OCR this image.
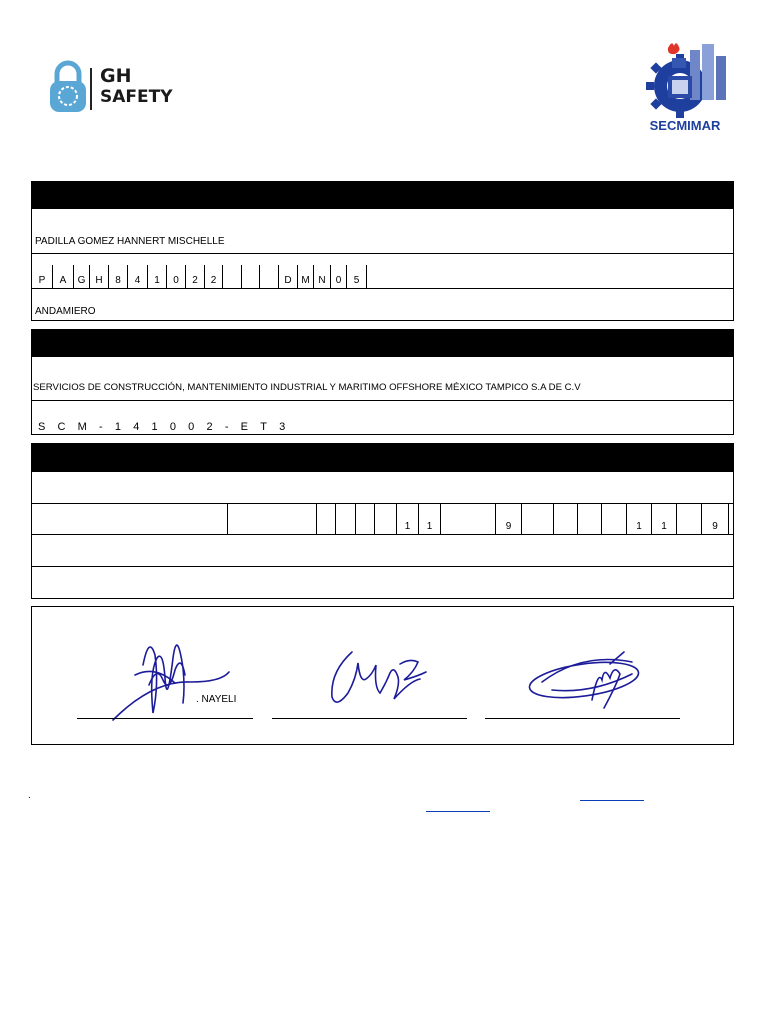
GH
SAFETY
SECMIMAR
PADILLA GOMEZ HANNERT MISCHELLE
P	A	G H	8	4	1	0	2	2	D M N	0	5
ANDAMIERO
SERVICIOS DE CONSTRUCCIÓN, MANTENIMIENTO INDUSTRIAL Y MARITIMO OFFSHORE MÉXICO TAMPICO S.A DE C.V
SCM-141002-ET3
1	1	9	1	1	9
. NAYELI
.
